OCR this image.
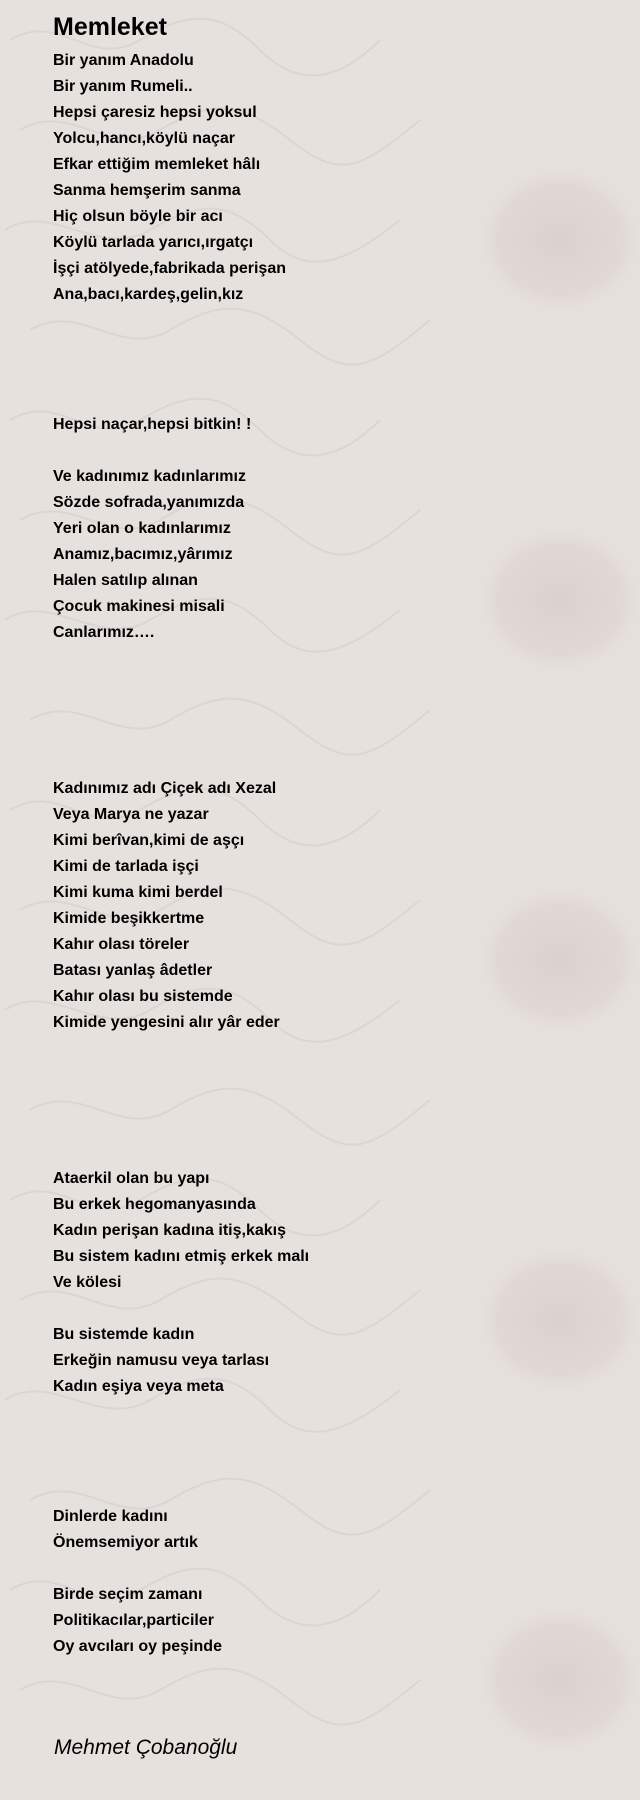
Memleket
Bir yanım Anadolu
Bir yanım Rumeli..
Hepsi çaresiz hepsi yoksul
Yolcu,hancı,köylü naçar
Efkar ettiğim memleket hâlı
Sanma hemşerim sanma
Hiç olsun böyle bir acı
Köylü tarlada yarıcı,ırgatçı
İşçi atölyede,fabrikada perişan
Ana,bacı,kardeş,gelin,kız
Hepsi naçar,hepsi bitkin! !
Ve kadınımız kadınlarımız
Sözde sofrada,yanımızda
Yeri olan o kadınlarımız
Anamız,bacımız,yârımız
Halen satılıp alınan
Çocuk makinesi misali
Canlarımız….
Kadınımız adı Çiçek adı Xezal
Veya Marya ne yazar
Kimi berîvan,kimi de aşçı
Kimi de tarlada işçi
Kimi kuma kimi berdel
Kimide beşikkertme
Kahır olası töreler
Batası yanlaş âdetler
Kahır olası bu sistemde
Kimide yengesini alır yâr eder
Ataerkil olan bu yapı
Bu erkek hegomanyasında
Kadın perişan kadına itiş,kakış
Bu sistem kadını etmiş erkek malı
Ve kölesi
Bu sistemde kadın
Erkeğin namusu veya tarlası
Kadın eşiya veya meta
Dinlerde kadını
Önemsemiyor artık
Birde seçim zamanı
Politikacılar,particiler
Oy avcıları oy peşinde
Mehmet Çobanoğlu
